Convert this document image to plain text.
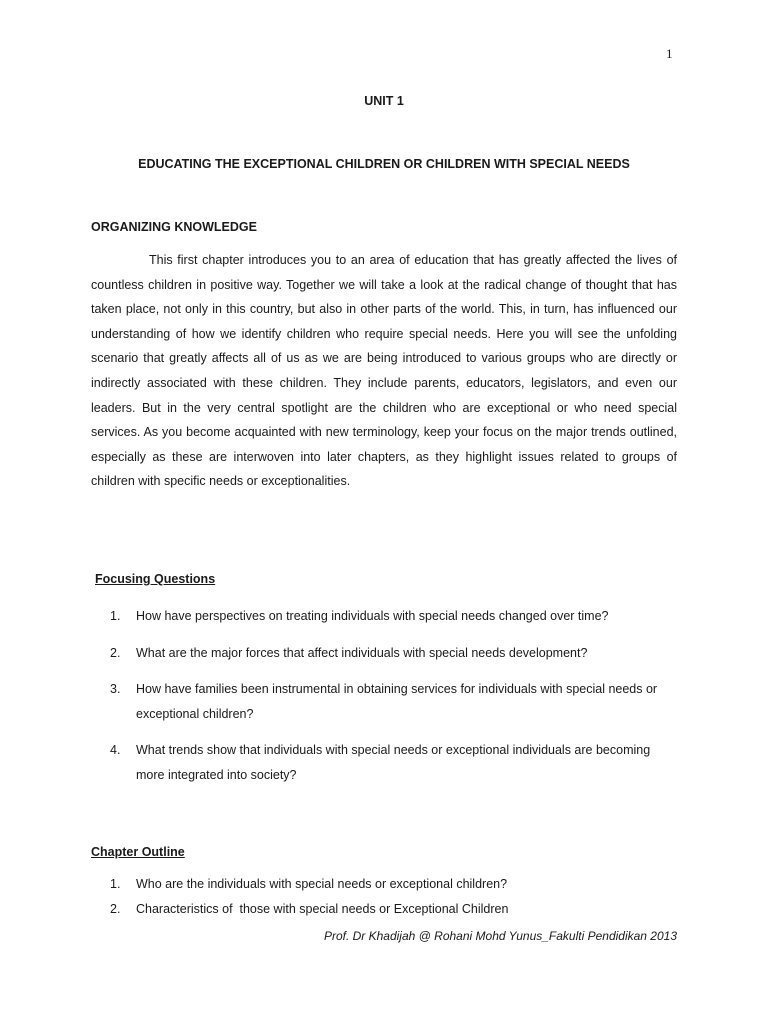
1
UNIT 1
EDUCATING THE EXCEPTIONAL CHILDREN OR CHILDREN WITH SPECIAL NEEDS
ORGANIZING KNOWLEDGE

This first chapter introduces you to an area of education that has greatly affected the lives of countless children in positive way. Together we will take a look at the radical change of thought that has taken place, not only in this country, but also in other parts of the world. This, in turn, has influenced our understanding of how we identify children who require special needs. Here you will see the unfolding scenario that greatly affects all of us as we are being introduced to various groups who are directly or indirectly associated with these children. They include parents, educators, legislators, and even our leaders. But in the very central spotlight are the children who are exceptional or who need special services. As you become acquainted with new terminology, keep your focus on the major trends outlined, especially as these are interwoven into later chapters, as they highlight issues related to groups of children with specific needs or exceptionalities.

Focusing Questions
1. How have perspectives on treating individuals with special needs changed over time?
2. What are the major forces that affect individuals with special needs development?
3. How have families been instrumental in obtaining services for individuals with special needs or exceptional children?
4. What trends show that individuals with special needs or exceptional individuals are becoming more integrated into society?
Chapter Outline
1. Who are the individuals with special needs or exceptional children?
2. Characteristics of  those with special needs or Exceptional Children
Prof. Dr Khadijah @ Rohani Mohd Yunus_Fakulti Pendidikan 2013
